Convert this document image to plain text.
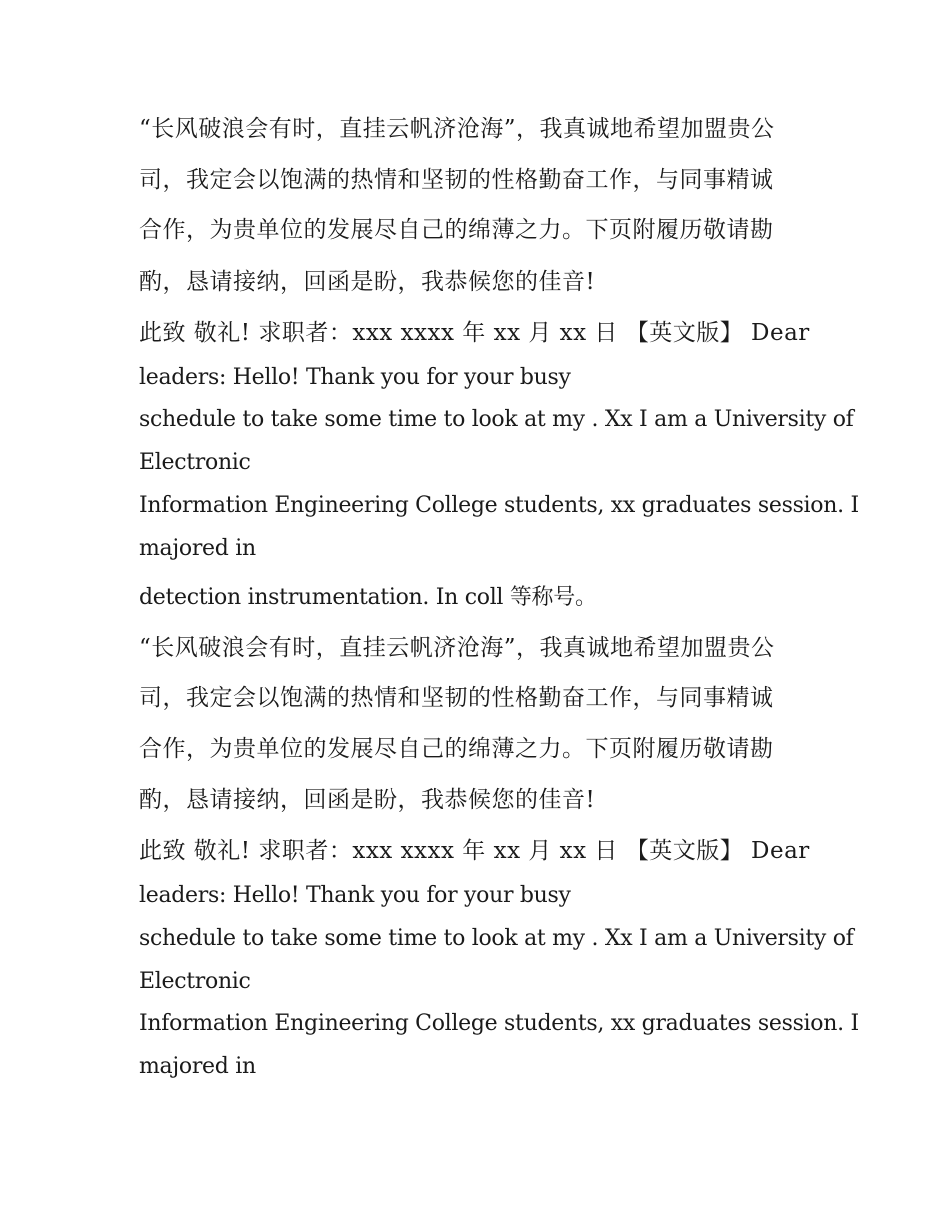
“长风破浪会有时，直挂云帆济沧海”，我真诚地希望加盟贵公

司，我定会以饱满的热情和坚韧的性格勤奋工作，与同事精诚

合作，为贵单位的发展尽自己的绵薄之力。下页附履历敬请勘

酌，恳请接纳，回函是盼，我恭候您的佳音!

此致 敬礼! 求职者：xxx xxxx 年 xx 月 xx 日 【英文版】 Dear

leaders: Hello! Thank you for your busy

schedule to take some time to look at my . Xx I am a University of

Electronic

Information Engineering College students, xx graduates session. I

majored in

detection instrumentation. In coll 等称号。

“长风破浪会有时，直挂云帆济沧海”，我真诚地希望加盟贵公

司，我定会以饱满的热情和坚韧的性格勤奋工作，与同事精诚

合作，为贵单位的发展尽自己的绵薄之力。下页附履历敬请勘

酌，恳请接纳，回函是盼，我恭候您的佳音!

此致 敬礼! 求职者：xxx xxxx 年 xx 月 xx 日 【英文版】 Dear

leaders: Hello! Thank you for your busy

schedule to take some time to look at my . Xx I am a University of

Electronic

Information Engineering College students, xx graduates session. I

majored in
